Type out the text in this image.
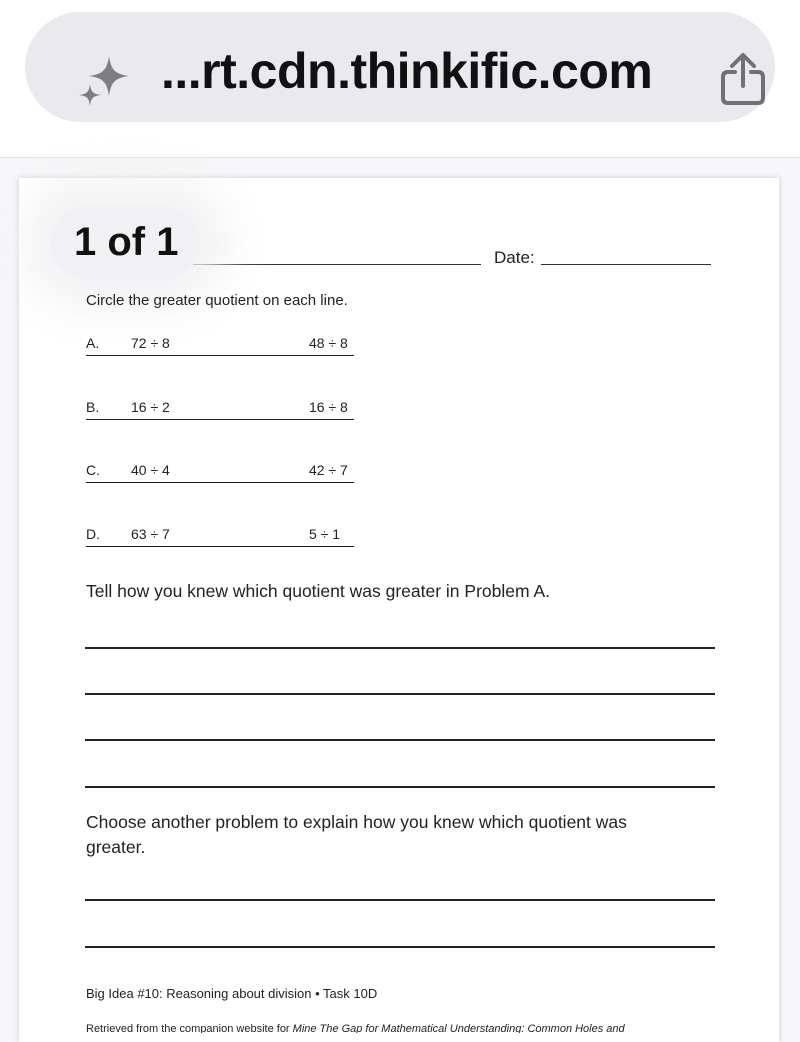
...rt.cdn.thinkific.com
1 of 1	Date:
Circle the greater quotient on each line.
A. 72 ÷ 8	48 ÷ 8
B. 16 ÷ 2	16 ÷ 8
C. 40 ÷ 4	42 ÷ 7
D. 63 ÷ 7	5 ÷ 1
Tell how you knew which quotient was greater in Problem A.
Choose another problem to explain how you knew which quotient was greater.
Big Idea #10: Reasoning about division • Task 10D
Retrieved from the companion website for Mine The Gap for Mathematical Understanding: Common Holes and
